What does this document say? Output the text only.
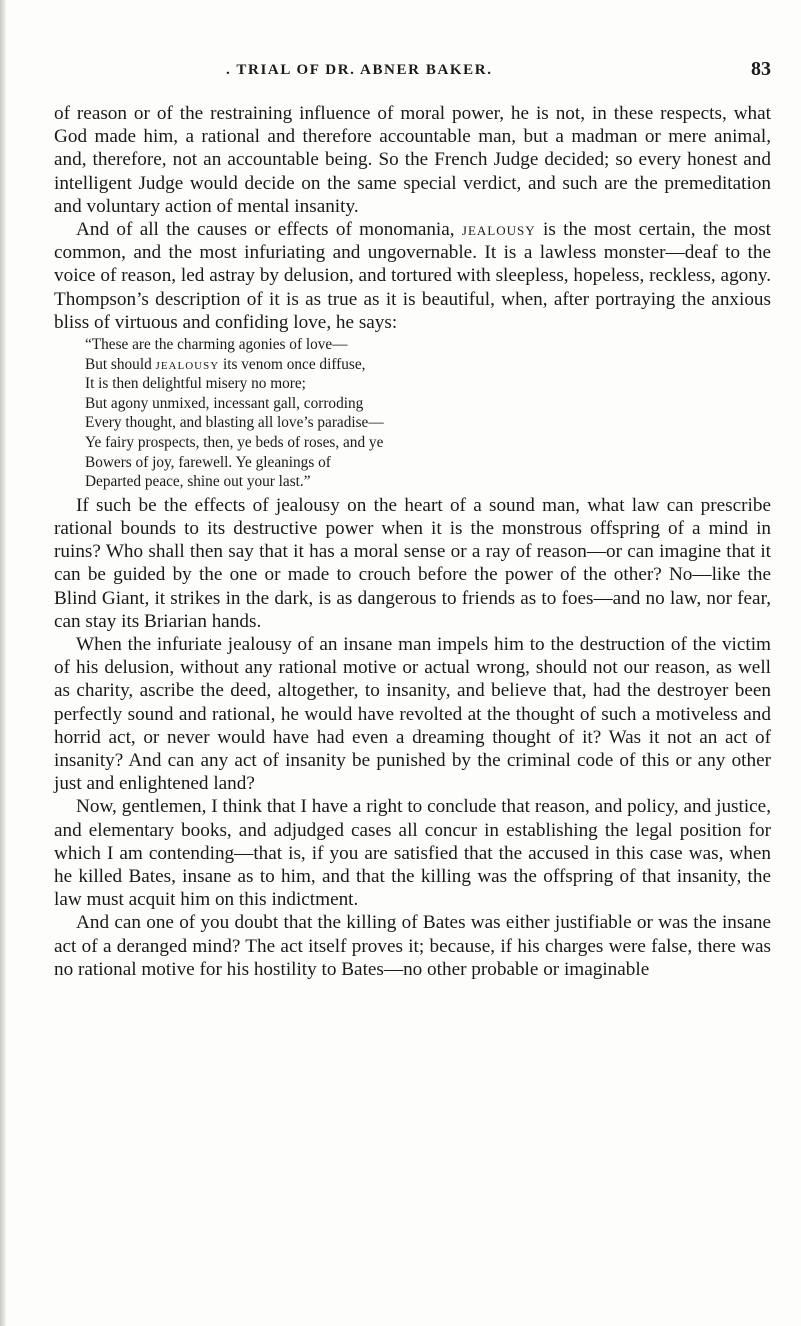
. TRIAL OF DR. ABNER BAKER.	83

of reason or of the restraining influence of moral power, he is not, in these respects, what God made him, a rational and therefore accountable man, but a madman or mere animal, and, therefore, not an accountable being. So the French Judge decided; so every honest and intelligent Judge would decide on the same special verdict, and such are the premeditation and voluntary action of mental insanity.

And of all the causes or effects of monomania, jealousy is the most certain, the most common, and the most infuriating and ungovernable. It is a lawless monster—deaf to the voice of reason, led astray by delusion, and tortured with sleepless, hopeless, reckless, agony. Thompson’s description of it is as true as it is beautiful, when, after portraying the anxious bliss of virtuous and confiding love, he says:

“These are the charming agonies of love—
But should jealousy its venom once diffuse,
It is then delightful misery no more;
But agony unmixed, incessant gall, corroding
Every thought, and blasting all love’s paradise—
Ye fairy prospects, then, ye beds of roses, and ye
Bowers of joy, farewell. Ye gleanings of
Departed peace, shine out your last.”

If such be the effects of jealousy on the heart of a sound man, what law can prescribe rational bounds to its destructive power when it is the monstrous offspring of a mind in ruins? Who shall then say that it has a moral sense or a ray of reason—or can imagine that it can be guided by the one or made to crouch before the power of the other? No—like the Blind Giant, it strikes in the dark, is as dangerous to friends as to foes—and no law, nor fear, can stay its Briarian hands.

When the infuriate jealousy of an insane man impels him to the destruction of the victim of his delusion, without any rational motive or actual wrong, should not our reason, as well as charity, ascribe the deed, altogether, to insanity, and believe that, had the destroyer been perfectly sound and rational, he would have revolted at the thought of such a motiveless and horrid act, or never would have had even a dreaming thought of it? Was it not an act of insanity? And can any act of insanity be punished by the criminal code of this or any other just and enlightened land?

Now, gentlemen, I think that I have a right to conclude that reason, and policy, and justice, and elementary books, and adjudged cases all concur in establishing the legal position for which I am contending—that is, if you are satisfied that the accused in this case was, when he killed Bates, insane as to him, and that the killing was the offspring of that insanity, the law must acquit him on this indictment.

And can one of you doubt that the killing of Bates was either justifiable or was the insane act of a deranged mind? The act itself proves it; because, if his charges were false, there was no rational motive for his hostility to Bates—no other probable or imaginable
